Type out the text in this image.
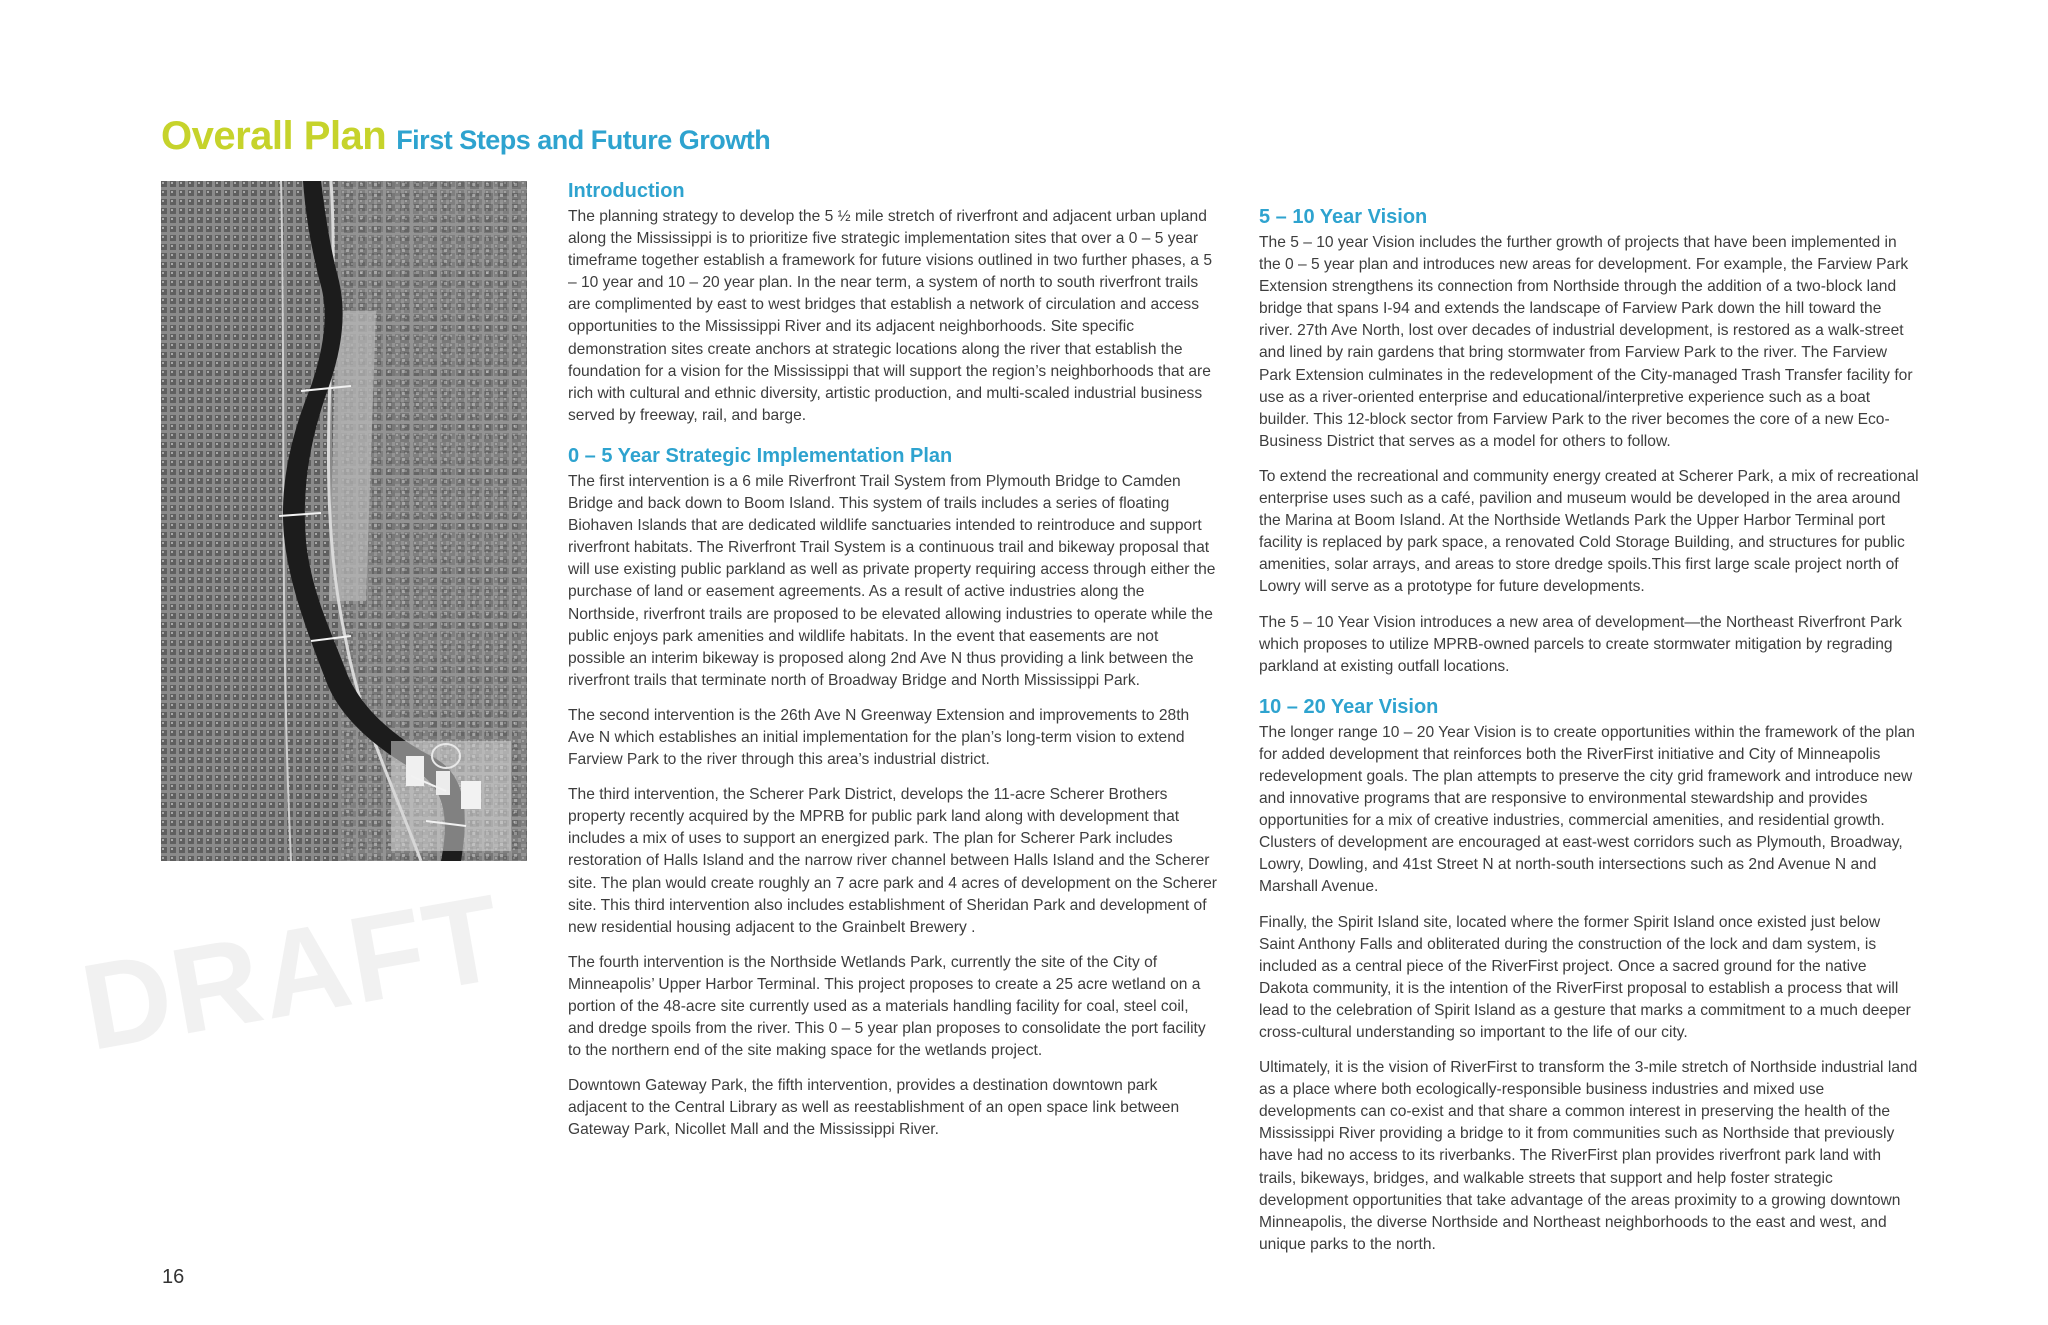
DRAFT
Overall Plan First Steps and Future Growth
Introduction

The planning strategy to develop the 5 ½ mile stretch of riverfront and adjacent urban upland along the Mississippi is to prioritize five strategic implementation sites that over a 0 – 5 year timeframe together establish a framework for future visions outlined in two further phases, a 5 – 10 year and 10 – 20 year plan. In the near term, a system of north to south riverfront trails are complimented by east to west bridges that establish a network of circulation and access opportunities to the Mississippi River and its adjacent neighborhoods. Site specific demonstration sites create anchors at strategic locations along the river that establish the foundation for a vision for the Mississippi that will support the region’s neighborhoods that are rich with cultural and ethnic diversity, artistic production, and multi-scaled industrial business served by freeway, rail, and barge.

0 – 5 Year Strategic Implementation Plan

The first intervention is a 6 mile Riverfront Trail System from Plymouth Bridge to Camden Bridge and back down to Boom Island. This system of trails includes a series of floating Biohaven Islands that are dedicated wildlife sanctuaries intended to reintroduce and support riverfront habitats. The Riverfront Trail System is a continuous trail and bikeway proposal that will use existing public parkland as well as private property requiring access through either the purchase of land or easement agreements. As a result of active industries along the Northside, riverfront trails are proposed to be elevated allowing industries to operate while the public enjoys park amenities and wildlife habitats. In the event that easements are not possible an interim bikeway is proposed along 2nd Ave N thus providing a link between the riverfront trails that terminate north of Broadway Bridge and North Mississippi Park.

The second intervention is the 26th Ave N Greenway Extension and improvements to 28th Ave N which establishes an initial implementation for the plan’s long-term vision to extend Farview Park to the river through this area’s industrial district.

The third intervention, the Scherer Park District, develops the 11-acre Scherer Brothers property recently acquired by the MPRB for public park land along with development that includes a mix of uses to support an energized park. The plan for Scherer Park includes restoration of Halls Island and the narrow river channel between Halls Island and the Scherer site. The plan would create roughly an 7 acre park and 4 acres of development on the Scherer site. This third intervention also includes establishment of Sheridan Park and development of new residential housing adjacent to the Grainbelt Brewery .

The fourth intervention is the Northside Wetlands Park, currently the site of the City of Minneapolis’ Upper Harbor Terminal. This project proposes to create a 25 acre wetland on a portion of the 48-acre site currently used as a materials handling facility for coal, steel coil, and dredge spoils from the river. This 0 – 5 year plan proposes to consolidate the port facility to the northern end of the site making space for the wetlands project.

Downtown Gateway Park, the fifth intervention, provides a destination downtown park adjacent to the Central Library as well as reestablishment of an open space link between Gateway Park, Nicollet Mall and the Mississippi River.

5 – 10 Year Vision

The 5 – 10 year Vision includes the further growth of projects that have been implemented in the 0 – 5 year plan and introduces new areas for development. For example, the Farview Park Extension strengthens its connection from Northside through the addition of a two-block land bridge that spans I-94 and extends the landscape of Farview Park down the hill toward the river. 27th Ave North, lost over decades of industrial development, is restored as a walk-street and lined by rain gardens that bring stormwater from Farview Park to the river. The Farview Park Extension culminates in the redevelopment of the City-managed Trash Transfer facility for use as a river-oriented enterprise and educational/interpretive experience such as a boat builder. This 12-block sector from Farview Park to the river becomes the core of a new Eco-Business District that serves as a model for others to follow.

To extend the recreational and community energy created at Scherer Park, a mix of recreational enterprise uses such as a café, pavilion and museum would be developed in the area around the Marina at Boom Island. At the Northside Wetlands Park the Upper Harbor Terminal port facility is replaced by park space, a renovated Cold Storage Building, and structures for public amenities, solar arrays, and areas to store dredge spoils.This first large scale project north of Lowry will serve as a prototype for future developments.

The 5 – 10 Year Vision introduces a new area of development—the Northeast Riverfront Park which proposes to utilize MPRB-owned parcels to create stormwater mitigation by regrading parkland at existing outfall locations.

10 – 20 Year Vision

The longer range 10 – 20 Year Vision is to create opportunities within the framework of the plan for added development that reinforces both the RiverFirst initiative and City of Minneapolis redevelopment goals. The plan attempts to preserve the city grid framework and introduce new and innovative programs that are responsive to environmental stewardship and provides opportunities for a mix of creative industries, commercial amenities, and residential growth. Clusters of development are encouraged at east-west corridors such as Plymouth, Broadway, Lowry, Dowling, and 41st Street N at north-south intersections such as 2nd Avenue N and Marshall Avenue.

Finally, the Spirit Island site, located where the former Spirit Island once existed just below Saint Anthony Falls and obliterated during the construction of the lock and dam system, is included as a central piece of the RiverFirst project. Once a sacred ground for the native Dakota community, it is the intention of the RiverFirst proposal to establish a process that will lead to the celebration of Spirit Island as a gesture that marks a commitment to a much deeper cross-cultural understanding so important to the life of our city.

Ultimately, it is the vision of RiverFirst to transform the 3-mile stretch of Northside industrial land as a place where both ecologically-responsible business industries and mixed use developments can co-exist and that share a common interest in preserving the health of the Mississippi River providing a bridge to it from communities such as Northside that previously have had no access to its riverbanks. The RiverFirst plan provides riverfront park land with trails, bikeways, bridges, and walkable streets that support and help foster strategic development opportunities that take advantage of the areas proximity to a growing downtown Minneapolis, the diverse Northside and Northeast neighborhoods to the east and west, and unique parks to the north.

16
